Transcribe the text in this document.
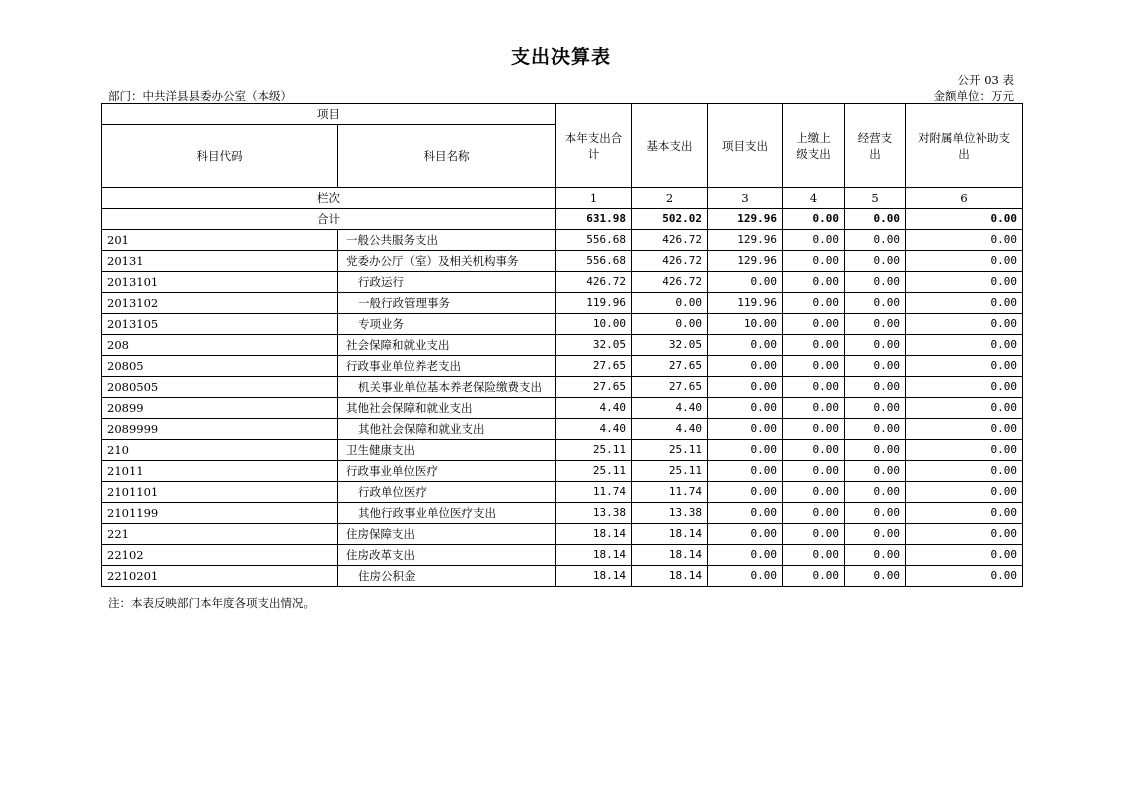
支出决算表
公开 03 表
部门：中共洋县县委办公室（本级）	金额单位：万元
项目		本年支出合计	基本支出	项目支出	上缴上级支出	经营支出	对附属单位补助支出
科目代码	科目名称						
栏次		1	2	3	4	5	6
合计		631.98	502.02	129.96	0.00	0.00	0.00
201	一般公共服务支出	556.68	426.72	129.96	0.00	0.00	0.00
20131	党委办公厅（室）及相关机构事务	556.68	426.72	129.96	0.00	0.00	0.00
2013101	行政运行	426.72	426.72	0.00	0.00	0.00	0.00
2013102	一般行政管理事务	119.96	0.00	119.96	0.00	0.00	0.00
2013105	专项业务	10.00	0.00	10.00	0.00	0.00	0.00
208	社会保障和就业支出	32.05	32.05	0.00	0.00	0.00	0.00
20805	行政事业单位养老支出	27.65	27.65	0.00	0.00	0.00	0.00
2080505	机关事业单位基本养老保险缴费支出	27.65	27.65	0.00	0.00	0.00	0.00
20899	其他社会保障和就业支出	4.40	4.40	0.00	0.00	0.00	0.00
2089999	其他社会保障和就业支出	4.40	4.40	0.00	0.00	0.00	0.00
210	卫生健康支出	25.11	25.11	0.00	0.00	0.00	0.00
21011	行政事业单位医疗	25.11	25.11	0.00	0.00	0.00	0.00
2101101	行政单位医疗	11.74	11.74	0.00	0.00	0.00	0.00
2101199	其他行政事业单位医疗支出	13.38	13.38	0.00	0.00	0.00	0.00
221	住房保障支出	18.14	18.14	0.00	0.00	0.00	0.00
22102	住房改革支出	18.14	18.14	0.00	0.00	0.00	0.00
2210201	住房公积金	18.14	18.14	0.00	0.00	0.00	0.00
注：本表反映部门本年度各项支出情况。
